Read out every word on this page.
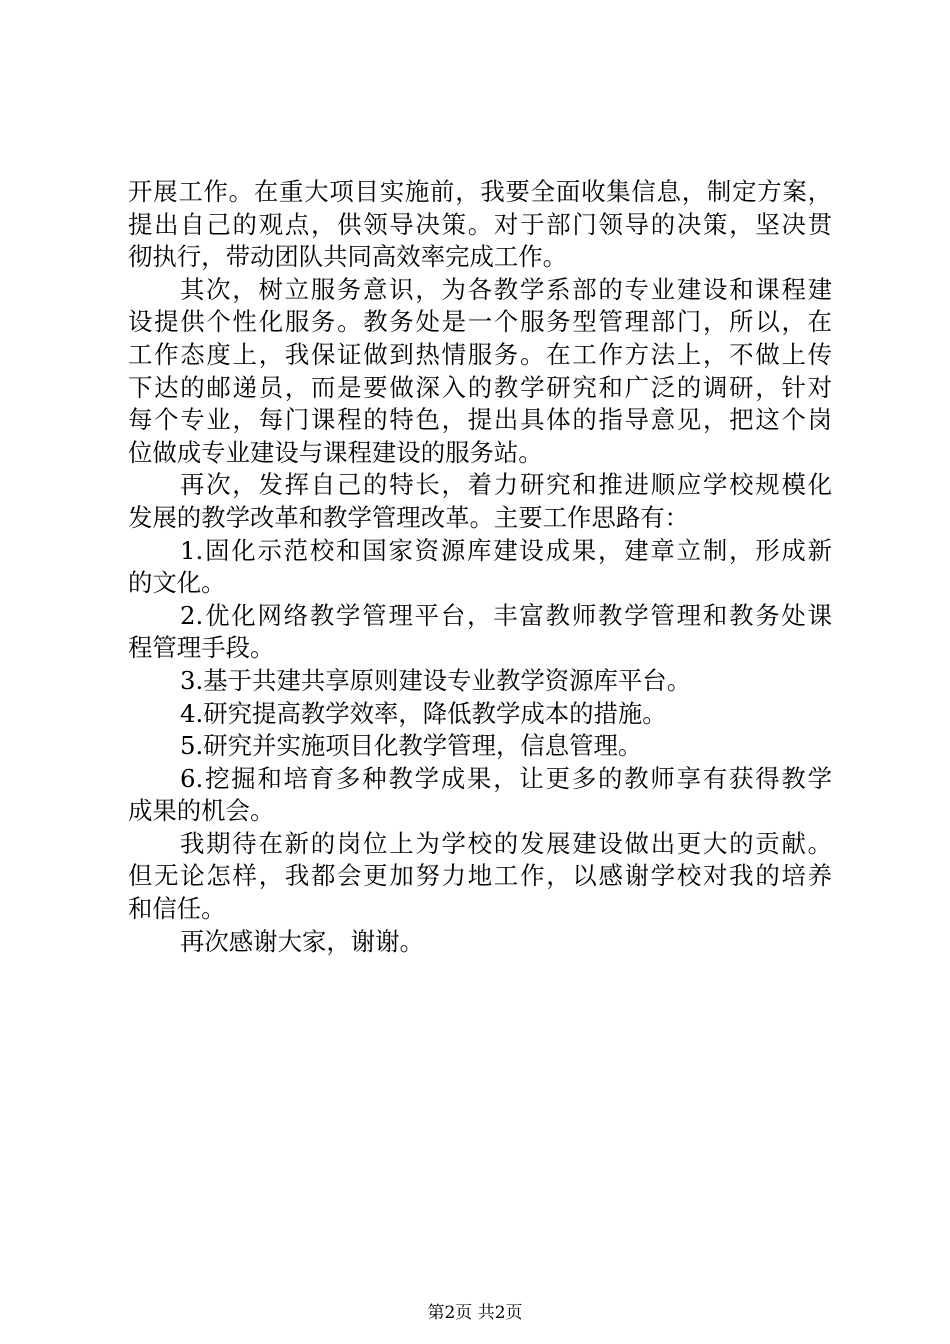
开展工作。在重大项目实施前，我要全面收集信息，制定方案，
提出自己的观点，供领导决策。对于部门领导的决策，坚决贯
彻执行，带动团队共同高效率完成工作。
其次，树立服务意识，为各教学系部的专业建设和课程建
设提供个性化服务。教务处是一个服务型管理部门，所以，在
工作态度上，我保证做到热情服务。在工作方法上，不做上传
下达的邮递员，而是要做深入的教学研究和广泛的调研，针对
每个专业，每门课程的特色，提出具体的指导意见，把这个岗
位做成专业建设与课程建设的服务站。
再次，发挥自己的特长，着力研究和推进顺应学校规模化
发展的教学改革和教学管理改革。主要工作思路有：
1.固化示范校和国家资源库建设成果，建章立制，形成新
的文化。
2.优化网络教学管理平台，丰富教师教学管理和教务处课
程管理手段。
3.基于共建共享原则建设专业教学资源库平台。
4.研究提高教学效率，降低教学成本的措施。
5.研究并实施项目化教学管理，信息管理。
6.挖掘和培育多种教学成果，让更多的教师享有获得教学
成果的机会。
我期待在新的岗位上为学校的发展建设做出更大的贡献。
但无论怎样，我都会更加努力地工作，以感谢学校对我的培养
和信任。
再次感谢大家，谢谢。
第2页 共2页
